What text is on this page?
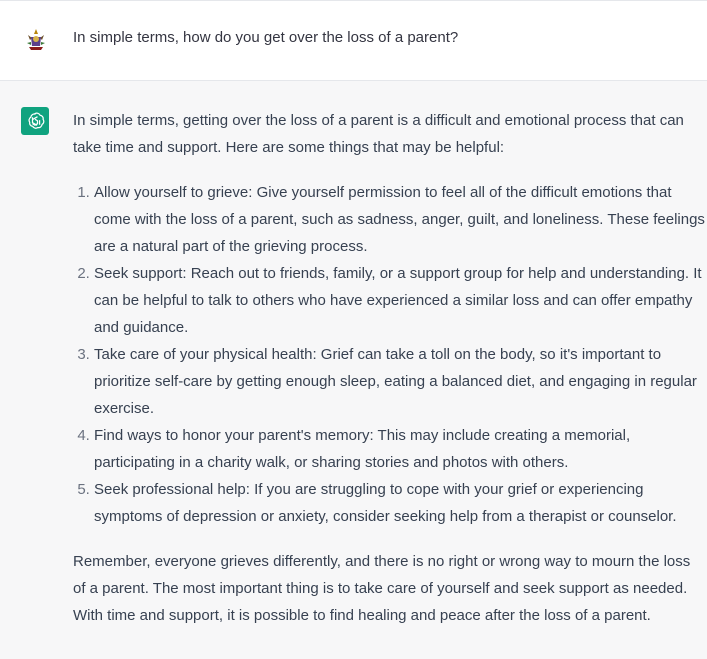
In simple terms, how do you get over the loss of a parent?

In simple terms, getting over the loss of a parent is a difficult and emotional process that can take time and support. Here are some things that may be helpful:

1. Allow yourself to grieve: Give yourself permission to feel all of the difficult emotions that come with the loss of a parent, such as sadness, anger, guilt, and loneliness. These feelings are a natural part of the grieving process.
2. Seek support: Reach out to friends, family, or a support group for help and understanding. It can be helpful to talk to others who have experienced a similar loss and can offer empathy and guidance.
3. Take care of your physical health: Grief can take a toll on the body, so it's important to prioritize self-care by getting enough sleep, eating a balanced diet, and engaging in regular exercise.
4. Find ways to honor your parent's memory: This may include creating a memorial, participating in a charity walk, or sharing stories and photos with others.
5. Seek professional help: If you are struggling to cope with your grief or experiencing symptoms of depression or anxiety, consider seeking help from a therapist or counselor.

Remember, everyone grieves differently, and there is no right or wrong way to mourn the loss of a parent. The most important thing is to take care of yourself and seek support as needed. With time and support, it is possible to find healing and peace after the loss of a parent.
